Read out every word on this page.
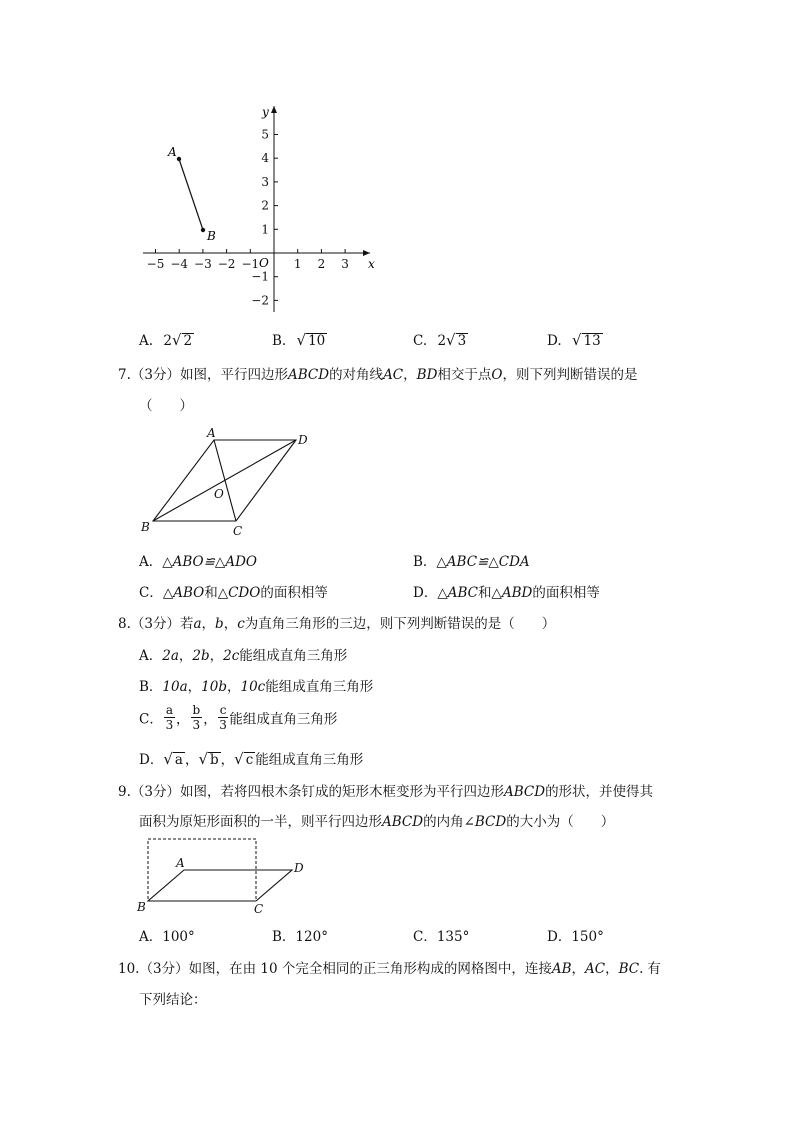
−5 −4 −3 −2 −1	1 2 3
5
4
3
2
1
−1
−2
x
y
O
A
B
A. 2√ 2	B. √ 10	C. 2√ 3	D. √ 13
7.（3分）如图，平行四边形ABCD的对角线AC，BD相交于点O，则下列判断错误的是
（　　）
A	D
B	C
O
A．△ABO≌△ADO	B．△ABC≌△CDA
C．△ABO和△CDO的面积相等	D．△ABC和△ABD的面积相等
8.（3分）若a，b，c为直角三角形的三边，则下列判断错误的是（　　）
A．2a，2b，2c能组成直角三角形
B．10a，10b，10c能组成直角三角形
C． $\frac{a}{3}$ ， $\frac{b}{3}$ ， $\frac{c}{3}$ 能组成直角三角形
D．√ a ，√ b ，√ c 能组成直角三角形
9.（3分）如图，若将四根木条钉成的矩形木框变形为平行四边形ABCD的形状，并使得其
面积为原矩形面积的一半，则平行四边形ABCD的内角∠BCD的大小为（　　）
A	D
B	C
A．100°	B．120°	C．135°	D．150°
10.（3分）如图，在由 10 个完全相同的正三角形构成的网格图中，连接AB，AC，BC. 有
下列结论：
